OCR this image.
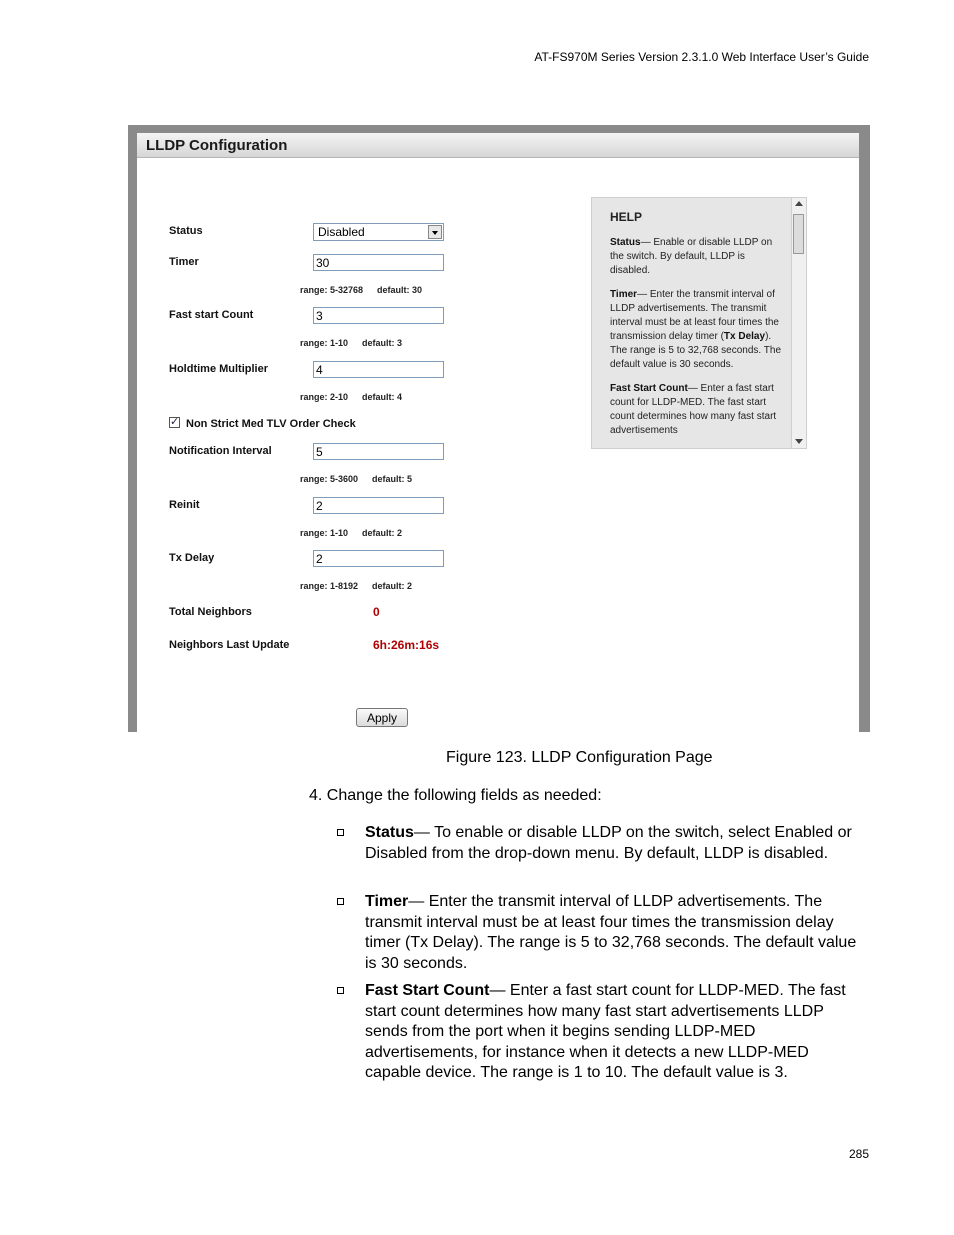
AT-FS970M Series Version 2.3.1.0 Web Interface User’s Guide
LLDP Configuration
Status	Disabled
Timer	30
range: 5-32768 default: 30
Fast start Count	3
range: 1-10 default: 3
Holdtime Multiplier	4
range: 2-10 default: 4
✓
Non Strict Med TLV Order Check
Notification Interval	5
range: 5-3600 default: 5
Reinit	2
range: 1-10 default: 2
Tx Delay	2
range: 1-8192 default: 2
Total Neighbors	0
Neighbors Last Update	6h:26m:16s
Apply
HELP

Status— Enable or disable LLDP on the switch. By default, LLDP is disabled.

Timer— Enter the transmit interval of LLDP advertisements. The transmit interval must be at least four times the transmission delay timer (Tx Delay). The range is 5 to 32,768 seconds. The default value is 30 seconds.

Fast Start Count— Enter a fast start count for LLDP-MED. The fast start count determines how many fast start advertisements

Figure 123. LLDP Configuration Page
4. Change the following fields as needed:
Status— To enable or disable LLDP on the switch, select Enabled or Disabled from the drop-down menu. By default, LLDP is disabled.
Timer— Enter the transmit interval of LLDP advertisements. The transmit interval must be at least four times the transmission delay timer (Tx Delay). The range is 5 to 32,768 seconds. The default value is 30 seconds.
Fast Start Count— Enter a fast start count for LLDP-MED. The fast start count determines how many fast start advertisements LLDP sends from the port when it begins sending LLDP-MED advertisements, for instance when it detects a new LLDP-MED capable device. The range is 1 to 10. The default value is 3.
285
